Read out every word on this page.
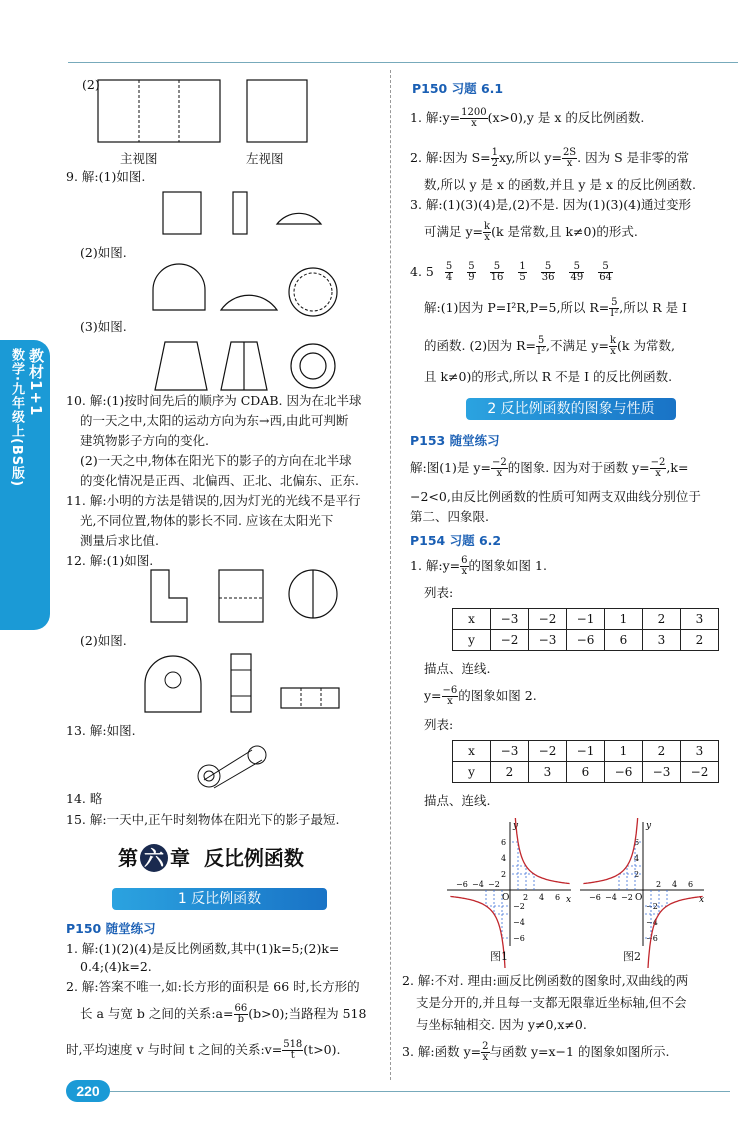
教材1+1
数学·九年级上(BS版)
(2)
主视图	左视图
9. 解:(1)如图.
(2)如图.
(3)如图.
10. 解:(1)按时间先后的顺序为 CDAB. 因为在北半球
的一天之中,太阳的运动方向为东→西,由此可判断
建筑物影子方向的变化.
(2)一天之中,物体在阳光下的影子的方向在北半球
的变化情况是正西、北偏西、正北、北偏东、正东.
11. 解:小明的方法是错误的,因为灯光的光线不是平行
光,不同位置,物体的影长不同. 应该在太阳光下
测量后求比值.
12. 解:(1)如图.
(2)如图.
13. 解:如图.
14. 略
15. 解:一天中,正午时刻物体在阳光下的影子最短.
第 六 章 反比例函数
1 反比例函数
P150 随堂练习
1. 解:(1)(2)(4)是反比例函数,其中(1)k=5;(2)k=
0.4;(4)k=2.
2. 解:答案不唯一,如:长方形的面积是 66 时,长方形的
长 a 与宽 b 之间的关系:a= $\frac{66}{b} (b>0)$;当路程为 518
时,平均速度 v 与时间 t 之间的关系:v= $\frac{518}{t} (t>0)$.
220
P150 习题 6.1
1. 解:y= $\frac{1200}{x} (x>0),y$ 是 x 的反比例函数.
2. 解:因为 $S= \frac{1}{2}$ xy,所以 $y= \frac{2S}{x}$ . 因为 S 是非零的常
数,所以 y 是 x 的函数,并且 y 是 x 的反比例函数.
3. 解:(1)(3)(4)是,(2)不是. 因为(1)(3)(4)通过变形
可满足 $y= \frac{k}{x} (k$ 是常数,且 k≠0)的形式.
4. $5 \frac{5}{4} \frac{5}{9} \frac{5}{16} \frac{1}{5} \frac{5}{36} \frac{5}{49} \frac{5}{64}$
解:(1)因为 P=I²R,P=5,所以 $R= \frac{5}{\text{I²}}$ ,所以 R 是 I
的函数. (2)因为 $R= \frac{5}{\text{I²}}$ ,不满足 $y= \frac{k}{x} (k$ 为常数,
且 k≠0)的形式,所以 R 不是 I 的反比例函数.
2 反比例函数的图象与性质
P153 随堂练习
解:图(1)是 $y= \frac{-2}{x}$ 的图象. 因为对于函数 $y= \frac{-2}{x} ,k=$
−2<0,由反比例函数的性质可知两支双曲线分别位于
第二、四象限.
P154 习题 6.2
1. 解:y= $\frac{6}{x}$ 的图象如图 1.
列表:
x	−3	−2	−1	1	2	3
y	−2	−3	−6	6	3	2
描点、连线.
$y= \frac{-6}{x}$ 的图象如图 2.
列表:
x	−3	−2	−1	1	2	3
y	2	3	6	−6	−3	−2
描点、连线.
x
y
O 2
−2
2
−2
4
−4
4
−4
6
−6
6
−6
x
y
O
2
−2
2
−2
4
−4
4
−4
6
−6
6
−6
图1	图2
2. 解:不对. 理由:画反比例函数的图象时,双曲线的两
支是分开的,并且每一支都无限靠近坐标轴,但不会
与坐标轴相交. 因为 y≠0,x≠0.
3. 解:函数 $y= \frac{2}{x}$ 与函数 y=x−1 的图象如图所示.
